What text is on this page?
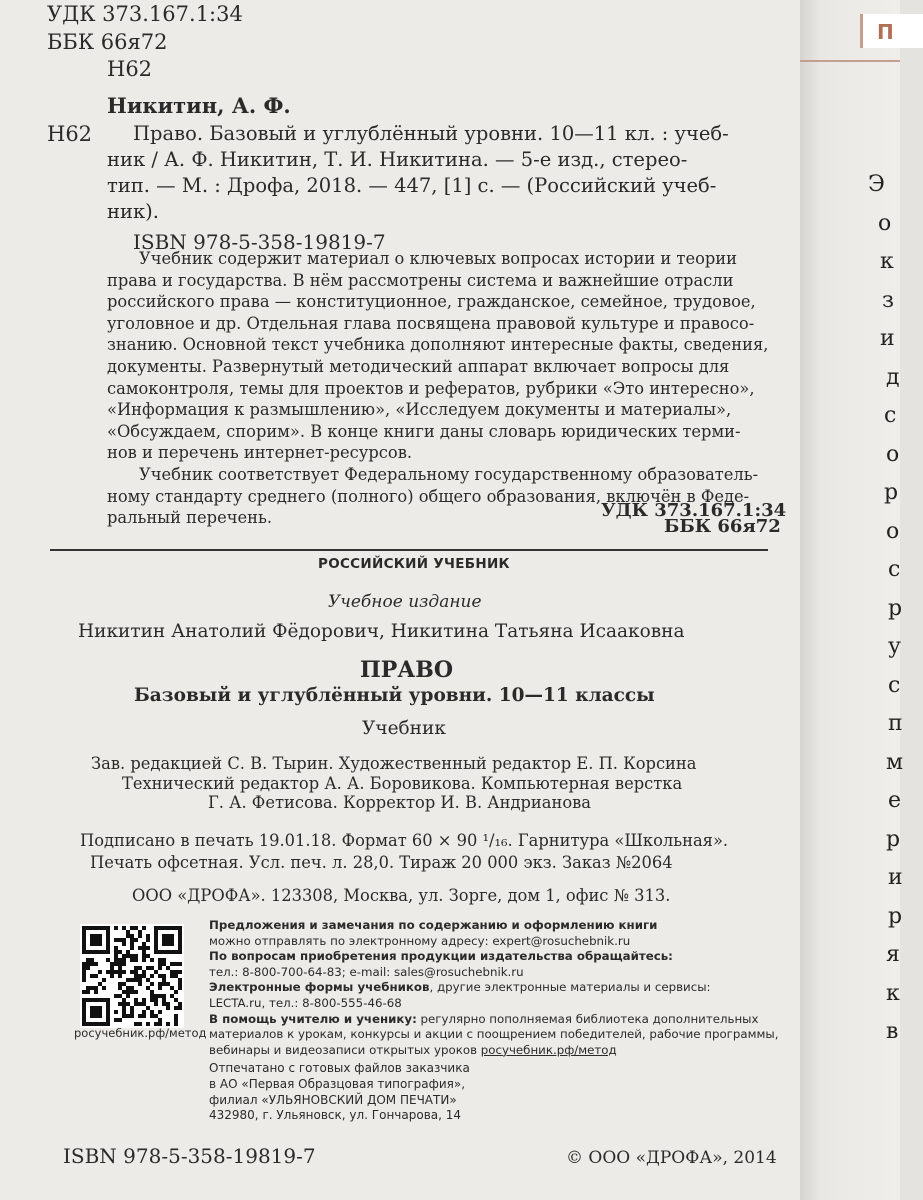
УДК 373.167.1:34
ББК 66я72
Н62
Никитин, А. Ф.
Н62 Право. Базовый и углублённый уровни. 10—11 кл. : учеб-
ник / А. Ф. Никитин, Т. И. Никитина. — 5-е изд., стерео-
тип. — М. : Дрофа, 2018. — 447, [1] с. — (Российский учеб-
ник).
ISBN 978-5-358-19819-7
Учебник содержит материал о ключевых вопросах истории и теории
права и государства. В нём рассмотрены система и важнейшие отрасли
российского права — конституционное, гражданское, семейное, трудовое,
уголовное и др. Отдельная глава посвящена правовой культуре и правосо-
знанию. Основной текст учебника дополняют интересные факты, сведения,
документы. Развернутый методический аппарат включает вопросы для
самоконтроля, темы для проектов и рефератов, рубрики «Это интересно»,
«Информация к размышлению», «Исследуем документы и материалы»,
«Обсуждаем, спорим». В конце книги даны словарь юридических терми-
нов и перечень интернет-ресурсов.
Учебник соответствует Федеральному государственному образователь-
ному стандарту среднего (полного) общего образования, включён в Феде-
ральный перечень.	УДК 373.167.1:34
ББК 66я72
РОССИЙСКИЙ УЧЕБНИК
Учебное издание
Никитин Анатолий Фёдорович, Никитина Татьяна Исааковна
ПРАВО
Базовый и углублённый уровни. 10—11 классы
Учебник
Зав. редакцией С. В. Тырин. Художественный редактор Е. П. Корсина
Технический редактор А. А. Боровикова. Компьютерная верстка
Г. А. Фетисова. Корректор И. В. Андрианова
Подписано в печать 19.01.18. Формат 60 × 90 ¹/₁₆. Гарнитура «Школьная».
Печать офсетная. Усл. печ. л. 28,0. Тираж 20 000 экз. Заказ №2064
ООО «ДРОФА». 123308, Москва, ул. Зорге, дом 1, офис № 313.
росучебник.рф/метод
Предложения и замечания по содержанию и оформлению книги
можно отправлять по электронному адресу: expert@rosuchebnik.ru
По вопросам приобретения продукции издательства обращайтесь:
тел.: 8-800-700-64-83; e-mail: sales@rosuchebnik.ru
Электронные формы учебников, другие электронные материалы и сервисы:
LECTA.ru, тел.: 8-800-555-46-68
В помощь учителю и ученику: регулярно пополняемая библиотека дополнительных
материалов к урокам, конкурсы и акции с поощрением победителей, рабочие программы,
вебинары и видеозаписи открытых уроков росучебник.рф/метод
Отпечатано с готовых файлов заказчика
в АО «Первая Образцовая типография»,
филиал «УЛЬЯНОВСКИЙ ДОМ ПЕЧАТИ»
432980, г. Ульяновск, ул. Гончарова, 14
ISBN 978-5-358-19819-7	© ООО «ДРОФА», 2014
П
Э
о
к
з
и
д
с
о
р
о
с
р
у
с
п
м
е
р
и
р
я
к
в
